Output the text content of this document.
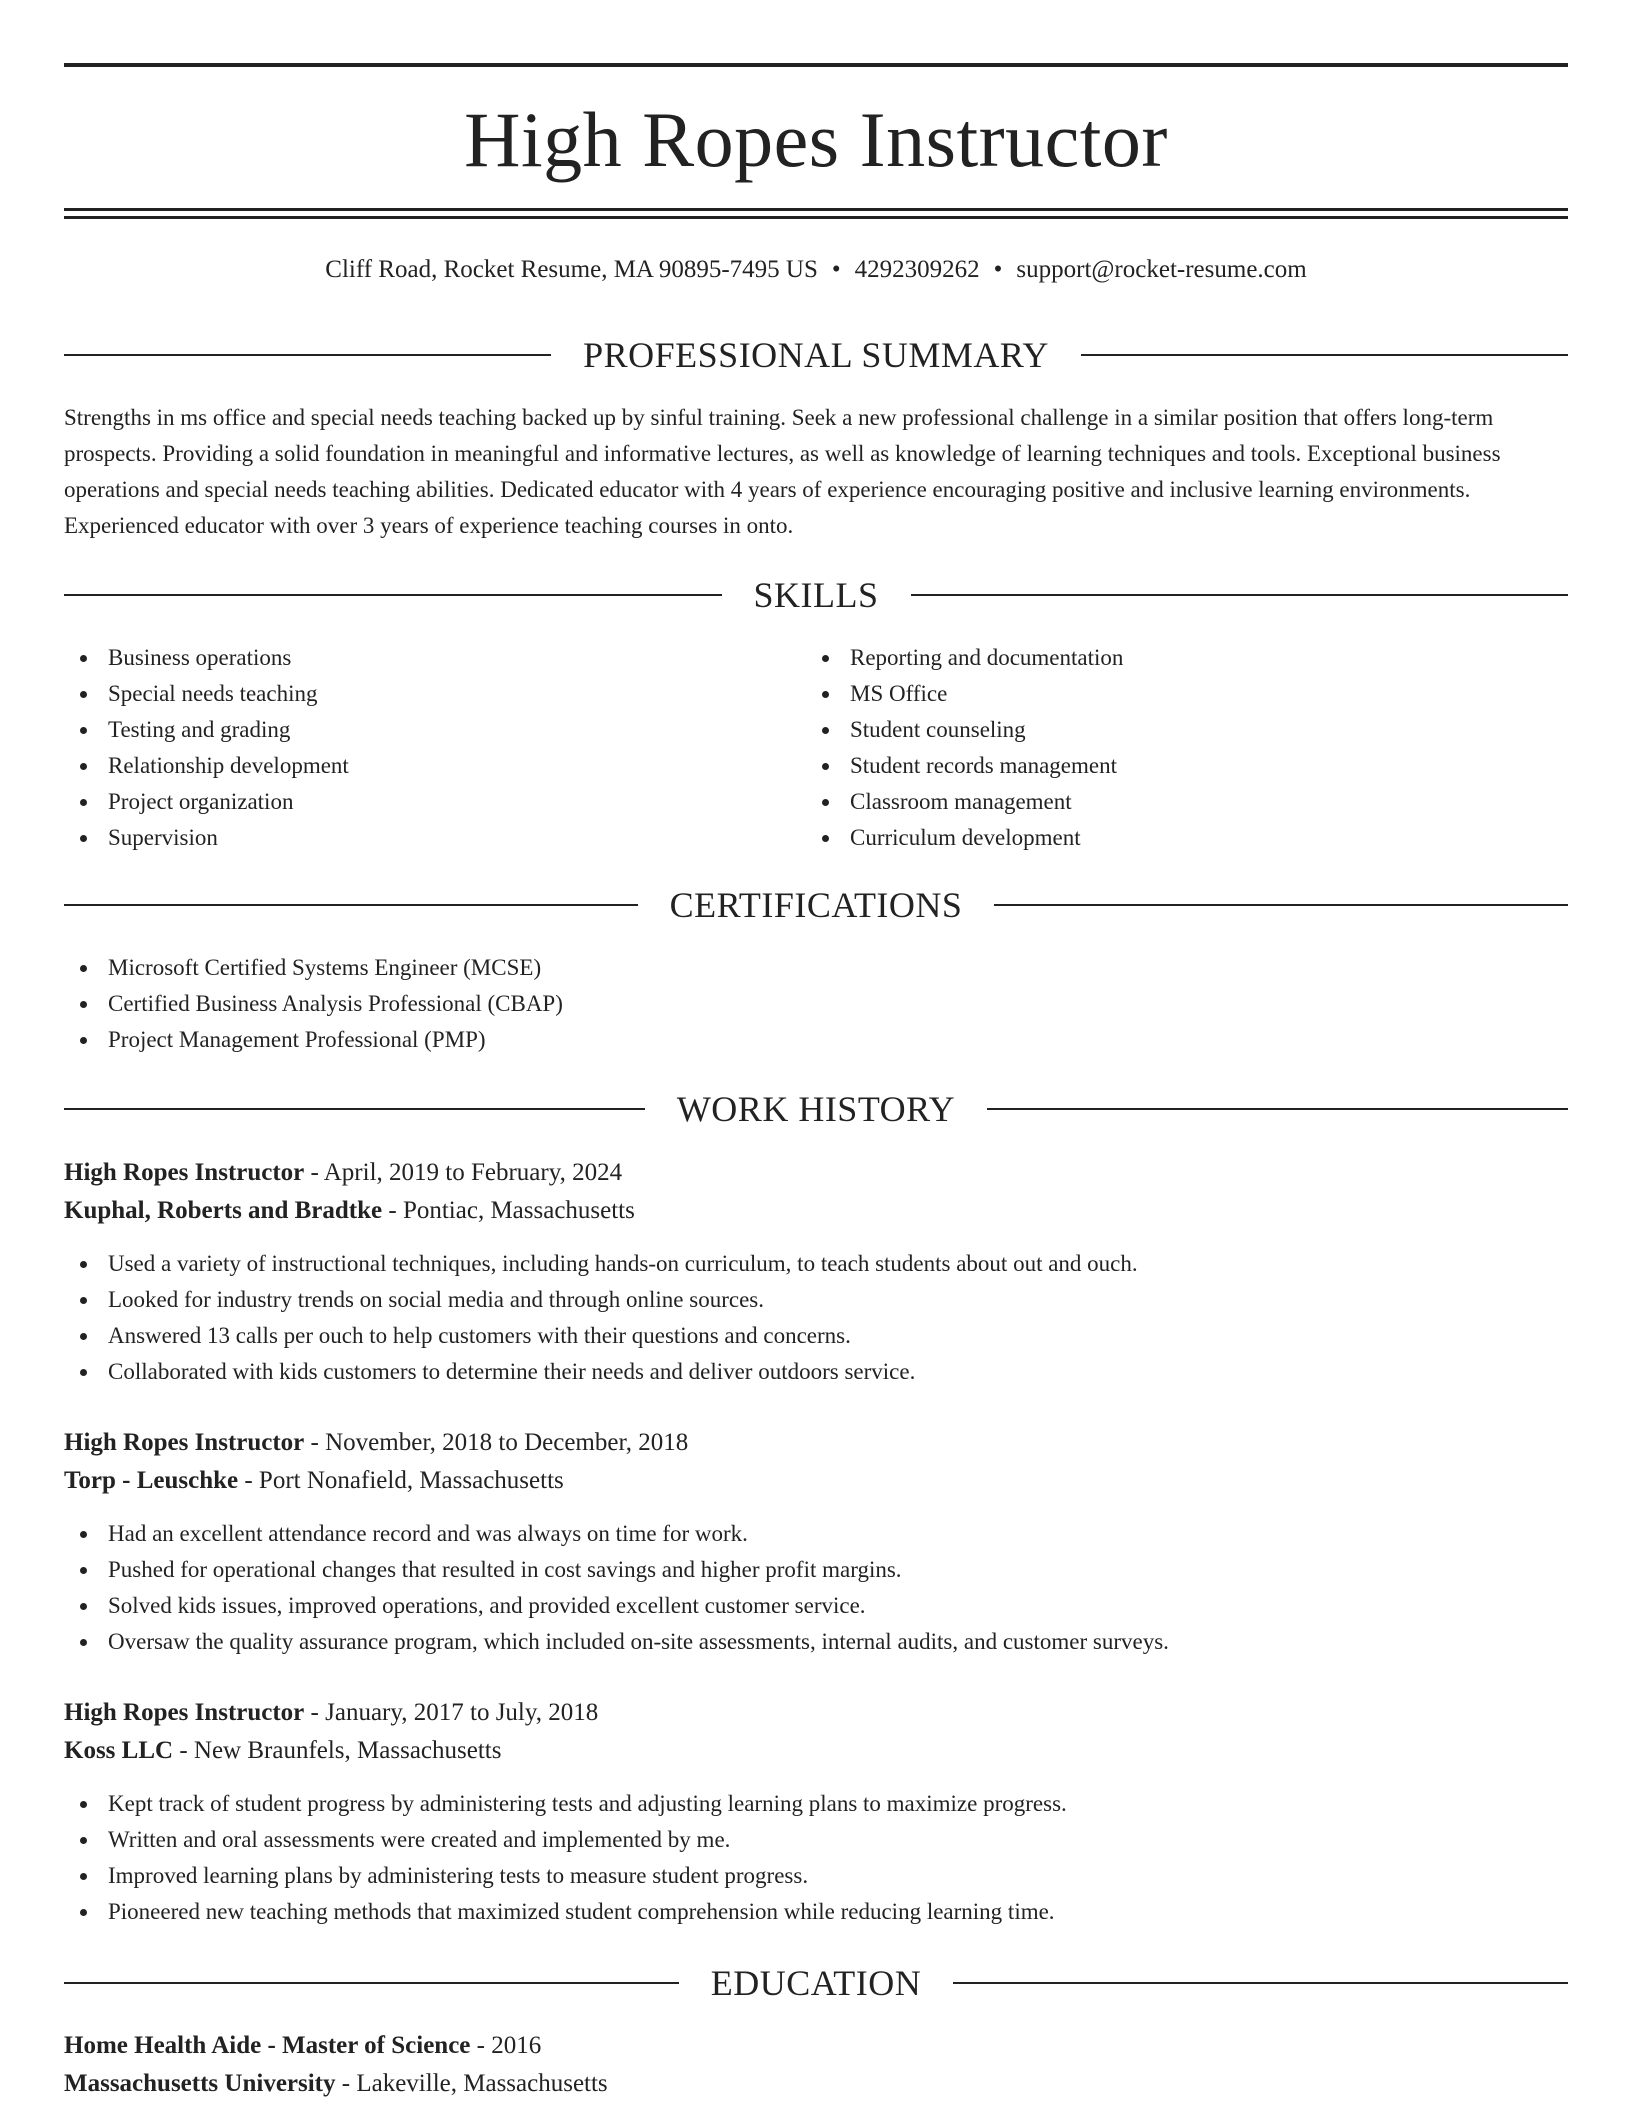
High Ropes Instructor
Cliff Road, Rocket Resume, MA 90895-7495 US • 4292309262 • support@rocket-resume.com
PROFESSIONAL SUMMARY
Strengths in ms office and special needs teaching backed up by sinful training. Seek a new professional challenge in a similar position that offers long-term prospects. Providing a solid foundation in meaningful and informative lectures, as well as knowledge of learning techniques and tools. Exceptional business operations and special needs teaching abilities. Dedicated educator with 4 years of experience encouraging positive and inclusive learning environments. Experienced educator with over 3 years of experience teaching courses in onto.
SKILLS
Business operations
Special needs teaching
Testing and grading
Relationship development
Project organization
Supervision
Reporting and documentation
MS Office
Student counseling
Student records management
Classroom management
Curriculum development
CERTIFICATIONS
Microsoft Certified Systems Engineer (MCSE)
Certified Business Analysis Professional (CBAP)
Project Management Professional (PMP)
WORK HISTORY
High Ropes Instructor - April, 2019 to February, 2024
Kuphal, Roberts and Bradtke - Pontiac, Massachusetts
Used a variety of instructional techniques, including hands-on curriculum, to teach students about out and ouch.
Looked for industry trends on social media and through online sources.
Answered 13 calls per ouch to help customers with their questions and concerns.
Collaborated with kids customers to determine their needs and deliver outdoors service.
High Ropes Instructor - November, 2018 to December, 2018
Torp - Leuschke - Port Nonafield, Massachusetts
Had an excellent attendance record and was always on time for work.
Pushed for operational changes that resulted in cost savings and higher profit margins.
Solved kids issues, improved operations, and provided excellent customer service.
Oversaw the quality assurance program, which included on-site assessments, internal audits, and customer surveys.
High Ropes Instructor - January, 2017 to July, 2018
Koss LLC - New Braunfels, Massachusetts
Kept track of student progress by administering tests and adjusting learning plans to maximize progress.
Written and oral assessments were created and implemented by me.
Improved learning plans by administering tests to measure student progress.
Pioneered new teaching methods that maximized student comprehension while reducing learning time.
EDUCATION
Home Health Aide - Master of Science - 2016
Massachusetts University - Lakeville, Massachusetts
